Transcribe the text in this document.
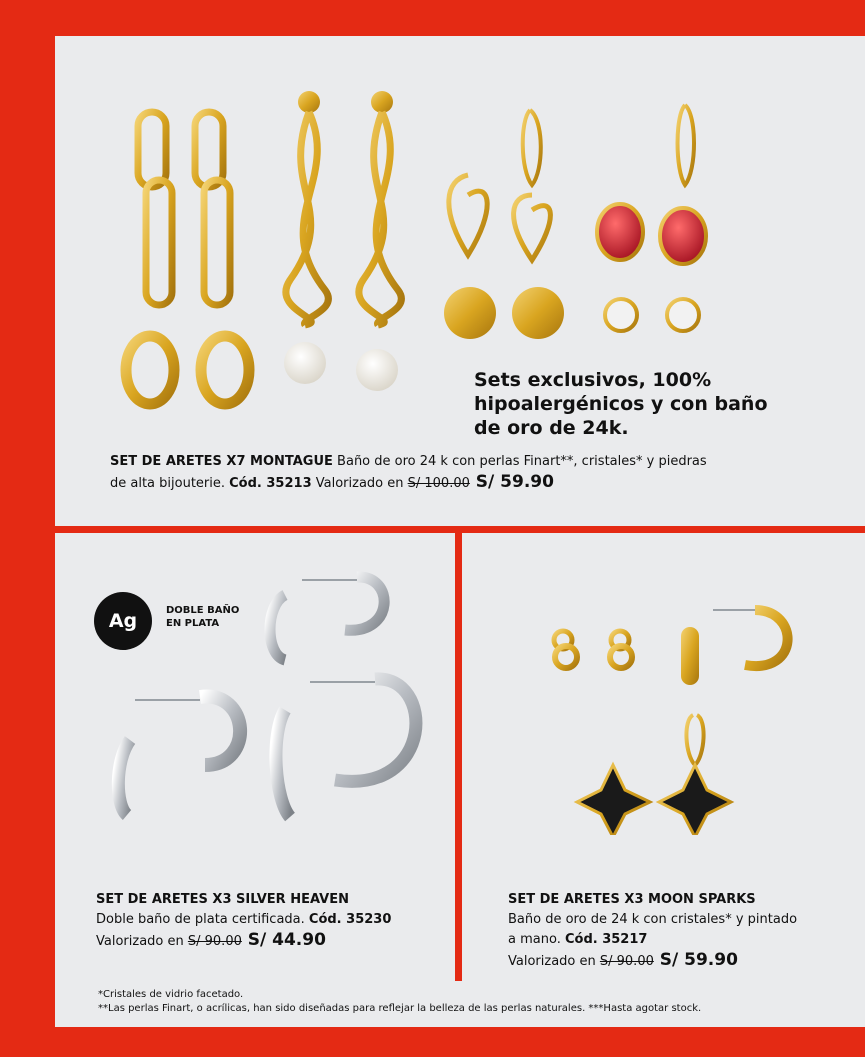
Sets exclusivos, 100%
hipoalergénicos y con baño
de oro de 24k.
SET DE ARETES X7 MONTAGUE Baño de oro 24 k con perlas Finart**, cristales* y piedras
de alta bijouterie. Cód. 35213 Valorizado en S/ 100.00 S/ 59.90
Ag	DOBLE BAÑO
EN PLATA
SET DE ARETES X3 SILVER HEAVEN
Doble baño de plata certificada. Cód. 35230
Valorizado en S/ 90.00 S/ 44.90
SET DE ARETES X3 MOON SPARKS
Baño de oro de 24 k con cristales* y pintado
a mano. Cód. 35217
Valorizado en S/ 90.00 S/ 59.90
*Cristales de vidrio facetado.
**Las perlas Finart, o acrílicas, han sido diseñadas para reflejar la belleza de las perlas naturales. ***Hasta agotar stock.
